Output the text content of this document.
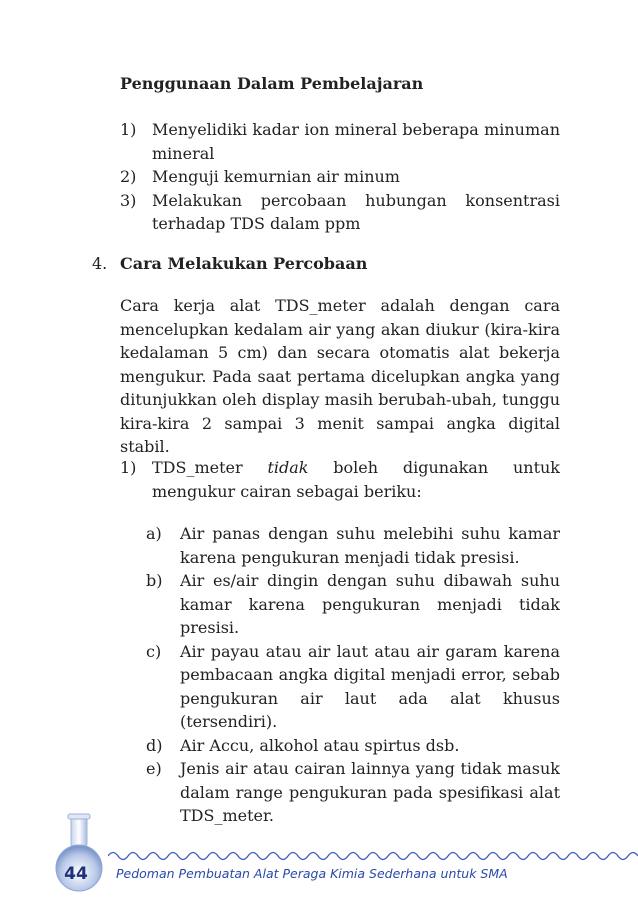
Penggunaan Dalam Pembelajaran
1) Menyelidiki kadar ion mineral beberapa minuman mineral
2) Menguji kemurnian air minum
3) Melakukan percobaan hubungan konsentrasi terhadap TDS dalam ppm
4. Cara Melakukan Percobaan
Cara kerja alat TDS_meter adalah dengan cara mencelupkan kedalam air yang akan diukur (kira-kira kedalaman 5 cm) dan secara otomatis alat bekerja mengukur. Pada saat pertama dicelupkan angka yang ditunjukkan oleh display masih berubah-ubah, tunggu kira-kira 2 sampai 3 menit sampai angka digital stabil.
1) TDS_meter tidak boleh digunakan untuk mengukur cairan sebagai beriku:
a) Air panas dengan suhu melebihi suhu kamar karena pengukuran menjadi tidak presisi.
b) Air es/air dingin dengan suhu dibawah suhu kamar karena pengukuran menjadi tidak presisi.
c) Air payau atau air laut atau air garam karena pembacaan angka digital menjadi error, sebab pengukuran air laut ada alat khusus (tersendiri).
d) Air Accu, alkohol atau spirtus dsb.
e) Jenis air atau cairan lainnya yang tidak masuk dalam range pengukuran pada spesifikasi alat TDS_meter.
44	Pedoman Pembuatan Alat Peraga Kimia Sederhana untuk SMA
